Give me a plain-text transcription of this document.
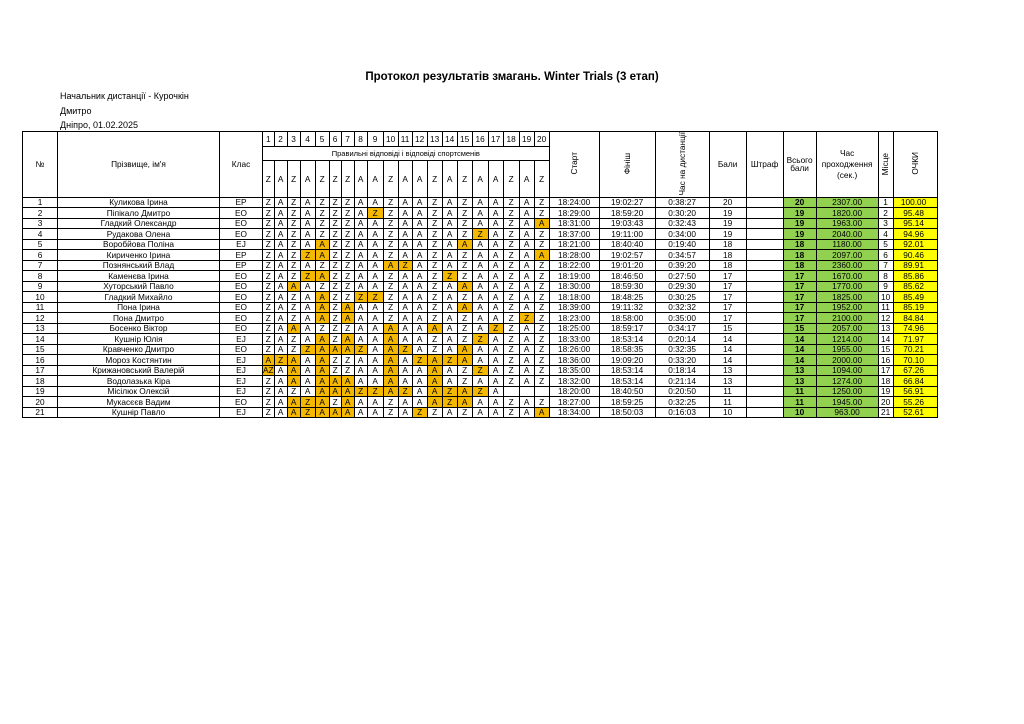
Протокол результатів змагань. Winter Trials (3 етап)
Начальник дистанції - Курочкін
Дмитро
Дніпро, 01.02.2025
№	Прізвище, ім'я	Клас	1	2	3	4	5	6	7	8	9	10	11	12	13	14	15	16	17	18	19	20	Старт	Фініш	Час на дистанції	Бали	Штраф	Всього бали	Час проходження (сек.)	Місце	ОЧКИ
			Правильні відповіді і відповіді спортсменів																												
			Z	A	Z	A	Z	Z	Z	A	A	Z	A	A	Z	A	Z	A	A	Z	A	Z									
1	Куликова Ірина	EP	Z	A	Z	A	Z	Z	Z	A	A	Z	A	A	Z	A	Z	A	A	Z	A	Z	18:24:00	19:02:27	0:38:27	20		20	2307.00	1	100.00
2	Піпікало Дмитро	EO	Z	A	Z	A	Z	Z	Z	A	Z	Z	A	A	Z	A	Z	A	A	Z	A	Z	18:29:00	18:59:20	0:30:20	19		19	1820.00	2	95.48
3	Гладкий Олександр	EO	Z	A	Z	A	Z	Z	Z	A	A	Z	A	A	Z	A	Z	A	A	Z	A	A	18:31:00	19:03:43	0:32:43	19		19	1963.00	3	95.14
4	Рудакова Олена	EO	Z	A	Z	A	Z	Z	Z	A	A	Z	A	A	Z	A	Z	Z	A	Z	A	Z	18:37:00	19:11:00	0:34:00	19		19	2040.00	4	94.96
5	Воробйова Поліна	EJ	Z	A	Z	A	A	Z	Z	A	A	Z	A	A	Z	A	A	A	A	Z	A	Z	18:21:00	18:40:40	0:19:40	18		18	1180.00	5	92.01
6	Кириченко Ірина	EP	Z	A	Z	Z	A	Z	Z	A	A	Z	A	A	Z	A	Z	A	A	Z	A	A	18:28:00	19:02:57	0:34:57	18		18	2097.00	6	90.46
7	Познянський Влад	EP	Z	A	Z	A	Z	Z	Z	A	A	A	Z	A	Z	A	Z	A	A	Z	A	Z	18:22:00	19:01:20	0:39:20	18		18	2360.00	7	89.91
8	Каменєва Ірина	EO	Z	A	Z	Z	A	Z	Z	A	A	Z	A	A	Z	Z	Z	A	A	Z	A	Z	18:19:00	18:46:50	0:27:50	17		17	1670.00	8	85.86
9	Хуторський Павло	EO	Z	A	A	A	Z	Z	Z	A	A	Z	A	A	Z	A	A	A	A	Z	A	Z	18:30:00	18:59:30	0:29:30	17		17	1770.00	9	85.62
10	Гладкий Михайло	EO	Z	A	Z	A	A	Z	Z	Z	Z	Z	A	A	Z	A	Z	A	A	Z	A	Z	18:18:00	18:48:25	0:30:25	17		17	1825.00	10	85.49
11	Пона Ірина	EO	Z	A	Z	A	A	Z	A	A	A	Z	A	A	Z	A	A	A	A	Z	A	Z	18:39:00	19:11:32	0:32:32	17		17	1952.00	11	85.19
12	Пона Дмитро	EO	Z	A	Z	A	A	Z	A	A	A	Z	A	A	Z	A	Z	A	A	Z	Z	Z	18:23:00	18:58:00	0:35:00	17		17	2100.00	12	84.84
13	Босенко Віктор	EO	Z	A	A	A	Z	Z	Z	A	A	A	A	A	A	A	Z	A	Z	Z	A	Z	18:25:00	18:59:17	0:34:17	15		15	2057.00	13	74.96
14	Кушнір Юлія	EJ	Z	A	Z	A	A	Z	A	A	A	A	A	A	Z	A	Z	Z	A	Z	A	Z	18:33:00	18:53:14	0:20:14	14		14	1214.00	14	71.97
15	Кравченко Дмитро	EO	Z	A	Z	Z	A	A	A	Z	A	A	Z	A	Z	A	A	A	A	Z	A	Z	18:26:00	18:58:35	0:32:35	14		14	1955.00	15	70.21
16	Мороз Костянтин	EJ	A	Z	A	A	A	Z	Z	A	A	A	A	Z	A	Z	A	A	A	Z	A	Z	18:36:00	19:09:20	0:33:20	14		14	2000.00	16	70.10
17	Крижановський Валерій	EJ	AZ	A	A	A	A	Z	Z	A	A	A	A	A	A	A	Z	Z	A	Z	A	Z	18:35:00	18:53:14	0:18:14	13		13	1094.00	17	67.26
18	Водолазька Кіра	EJ	Z	A	A	A	A	A	A	A	A	A	A	A	A	A	Z	A	A	Z	A	Z	18:32:00	18:53:14	0:21:14	13		13	1274.00	18	66.84
19	Місілюк Олексій	EJ	Z	A	Z	A	A	A	A	Z	Z	A	Z	A	A	Z	A	Z	A				18:20:00	18:40:50	0:20:50	11		11	1250.00	19	56.91
20	Мукасєєв Вадим	EO	Z	A	A	Z	A	Z	A	A	A	Z	A	A	A	Z	A	A	A	Z	A	Z	18:27:00	18:59:25	0:32:25	11		11	1945.00	20	55.26
21	Кушнір Павло	EJ	Z	A	A	Z	A	A	A	A	A	Z	A	Z	Z	A	Z	A	A	Z	A	A	18:34:00	18:50:03	0:16:03	10		10	963.00	21	52.61
